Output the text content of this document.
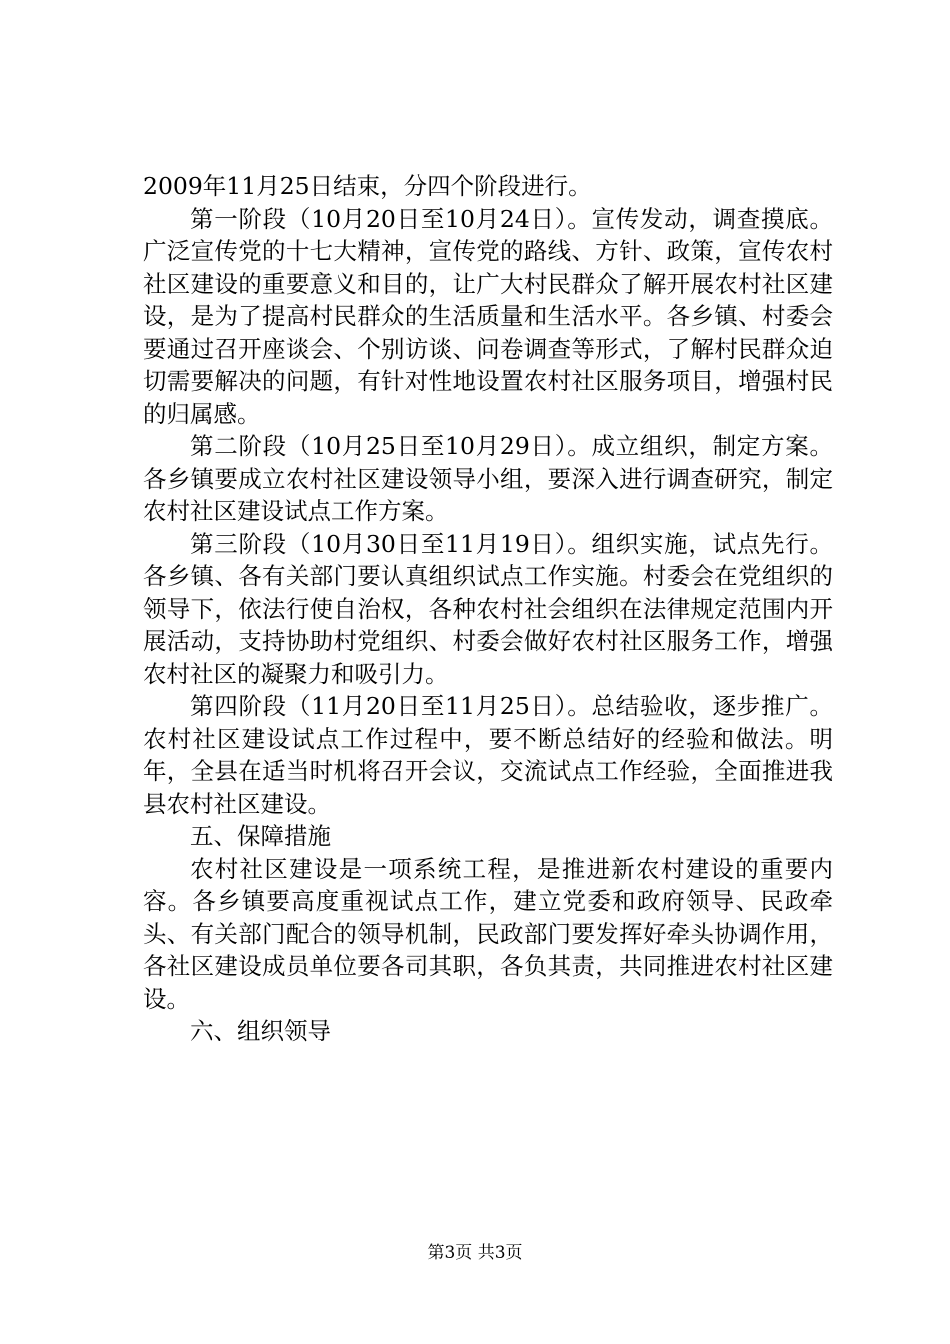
2009年11月25日结束，分四个阶段进行。

第一阶段（10月20日至10月24日）。宣传发动，调查摸底。广泛宣传党的十七大精神，宣传党的路线、方针、政策，宣传农村社区建设的重要意义和目的，让广大村民群众了解开展农村社区建设，是为了提高村民群众的生活质量和生活水平。各乡镇、村委会要通过召开座谈会、个别访谈、问卷调查等形式，了解村民群众迫切需要解决的问题，有针对性地设置农村社区服务项目，增强村民的归属感。

第二阶段（10月25日至10月29日）。成立组织，制定方案。各乡镇要成立农村社区建设领导小组，要深入进行调查研究，制定农村社区建设试点工作方案。

第三阶段（10月30日至11月19日）。组织实施，试点先行。各乡镇、各有关部门要认真组织试点工作实施。村委会在党组织的领导下，依法行使自治权，各种农村社会组织在法律规定范围内开展活动，支持协助村党组织、村委会做好农村社区服务工作，增强农村社区的凝聚力和吸引力。

第四阶段（11月20日至11月25日）。总结验收，逐步推广。农村社区建设试点工作过程中，要不断总结好的经验和做法。明年，全县在适当时机将召开会议，交流试点工作经验，全面推进我县农村社区建设。

五、保障措施

农村社区建设是一项系统工程，是推进新农村建设的重要内容。各乡镇要高度重视试点工作，建立党委和政府领导、民政牵头、有关部门配合的领导机制，民政部门要发挥好牵头协调作用，各社区建设成员单位要各司其职，各负其责，共同推进农村社区建设。

六、组织领导

第3页 共3页
